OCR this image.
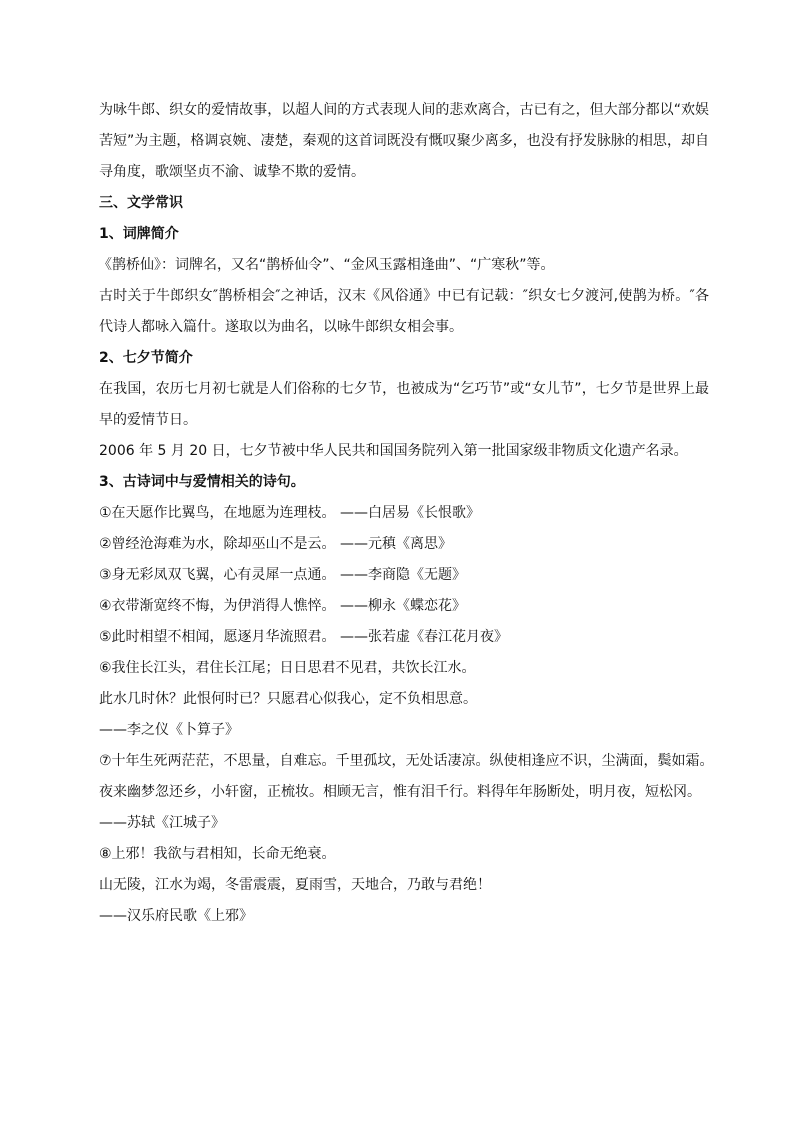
为咏牛郎、织女的爱情故事，以超人间的方式表现人间的悲欢离合，古已有之，但大部分都以“欢娱苦短”为主题，格调哀婉、凄楚，秦观的这首词既没有慨叹聚少离多，也没有抒发脉脉的相思，却自寻角度，歌颂坚贞不渝、诚挚不欺的爱情。

三、文学常识

1、词牌简介

《鹊桥仙》：词牌名，又名“鹊桥仙令”、“金风玉露相逢曲”、“广寒秋”等。

古时关于牛郎织女″鹊桥相会″之神话，汉末《风俗通》中已有记载：″织女七夕渡河,使鹊为桥。″各代诗人都咏入篇什。遂取以为曲名，以咏牛郎织女相会事。

2、七夕节简介

在我国，农历七月初七就是人们俗称的七夕节，也被成为“乞巧节”或“女儿节”，七夕节是世界上最早的爱情节日。

2006 年 5 月 20 日，七夕节被中华人民共和国国务院列入第一批国家级非物质文化遗产名录。

3、古诗词中与爱情相关的诗句。

①在天愿作比翼鸟，在地愿为连理枝。 ——白居易《长恨歌》

②曾经沧海难为水，除却巫山不是云。 ——元稹《离思》

③身无彩凤双飞翼，心有灵犀一点通。 ——李商隐《无题》

④衣带渐宽终不悔，为伊消得人憔悴。 ——柳永《蝶恋花》

⑤此时相望不相闻，愿逐月华流照君。 ——张若虚《春江花月夜》

⑥我住长江头，君住长江尾；日日思君不见君，共饮长江水。

此水几时休？此恨何时已？只愿君心似我心，定不负相思意。

——李之仪《卜算子》

⑦十年生死两茫茫，不思量，自难忘。千里孤坟，无处话凄凉。纵使相逢应不识，尘满面，鬓如霜。

夜来幽梦忽还乡，小轩窗，正梳妆。相顾无言，惟有泪千行。料得年年肠断处，明月夜，短松冈。

——苏轼《江城子》

⑧上邪！我欲与君相知，长命无绝衰。

山无陵，江水为竭，冬雷震震，夏雨雪，天地合，乃敢与君绝！

——汉乐府民歌《上邪》
